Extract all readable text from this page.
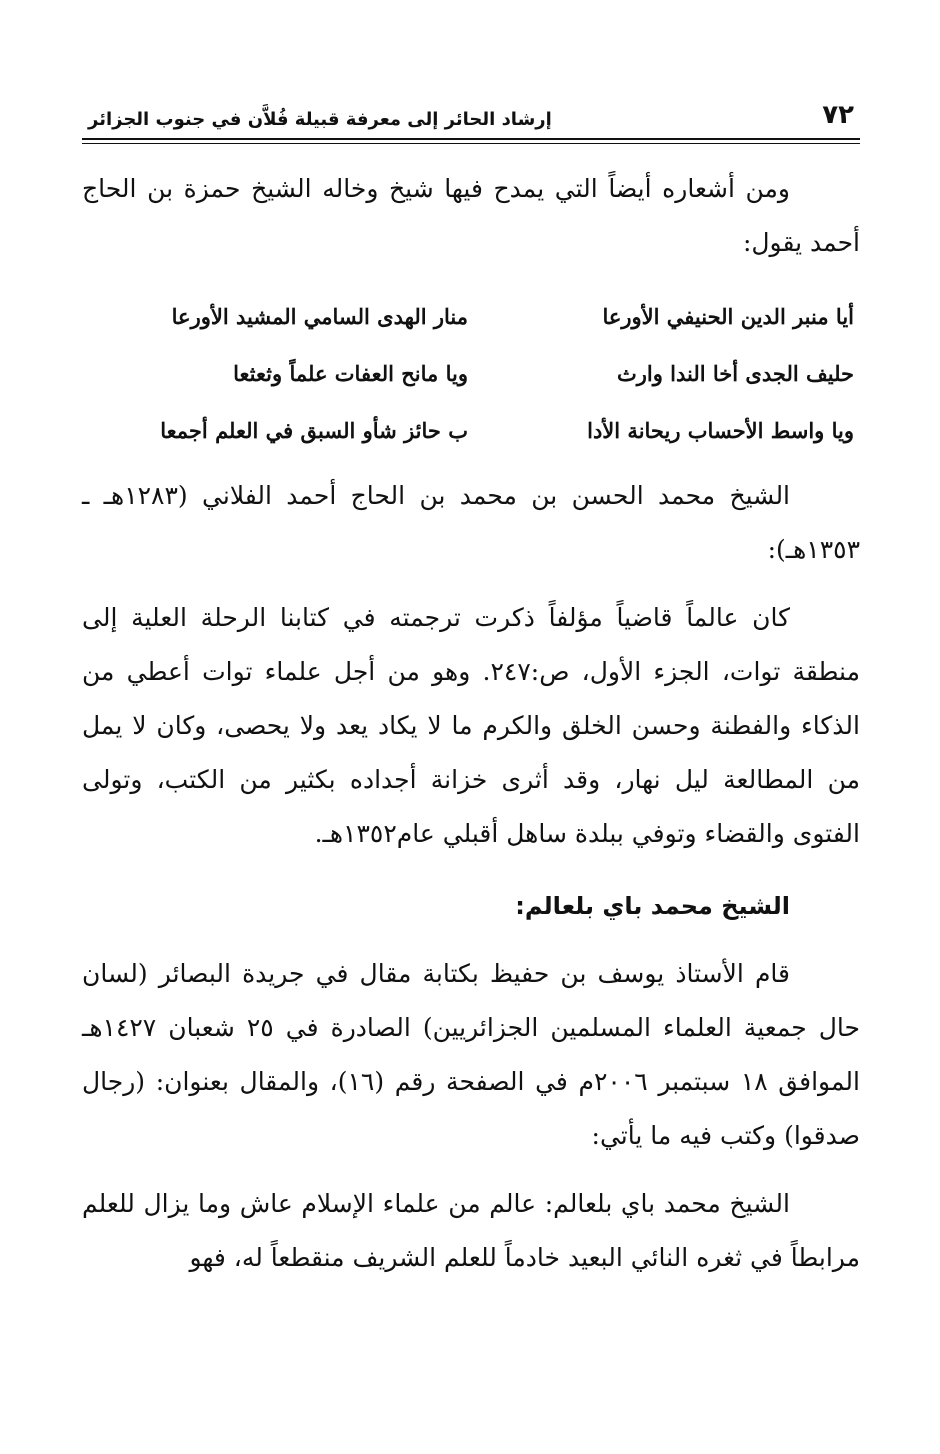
٧٢
إرشاد الحائر إلى معرفة قبيلة فُلاَّن في جنوب الجزائر

ومن أشعاره أيضاً التي يمدح فيها شيخ وخاله الشيخ حمزة بن الحاج أحمد يقول:

أيا منبر الدين الحنيفي الأورعا
منار الهدى السامي المشيد الأورعا
حليف الجدى أخا الندا وارث
ويا مانح العفات علماً وثعثعا
ويا واسط الأحساب ريحانة الأدا
ب حائز شأو السبق في العلم أجمعا

الشيخ محمد الحسن بن محمد بن الحاج أحمد الفلاني (١٢٨٣هـ ـ ١٣٥٣هـ):

كان عالماً قاضياً مؤلفاً ذكرت ترجمته في كتابنا الرحلة العلية إلى منطقة توات، الجزء الأول، ص:٢٤٧. وهو من أجل علماء توات أعطي من الذكاء والفطنة وحسن الخلق والكرم ما لا يكاد يعد ولا يحصى، وكان لا يمل من المطالعة ليل نهار، وقد أثرى خزانة أجداده بكثير من الكتب، وتولى الفتوى والقضاء وتوفي ببلدة ساهل أقبلي عام١٣٥٢هـ.

الشيخ محمد باي بلعالم:

قام الأستاذ يوسف بن حفيظ بكتابة مقال في جريدة البصائر (لسان حال جمعية العلماء المسلمين الجزائريين) الصادرة في ٢٥ شعبان ١٤٢٧هـ الموافق ١٨ سبتمبر ٢٠٠٦م في الصفحة رقم (١٦)، والمقال بعنوان: (رجال صدقوا) وكتب فيه ما يأتي:

الشيخ محمد باي بلعالم: عالم من علماء الإسلام عاش وما يزال للعلم مرابطاً في ثغره النائي البعيد خادماً للعلم الشريف منقطعاً له، فهو
